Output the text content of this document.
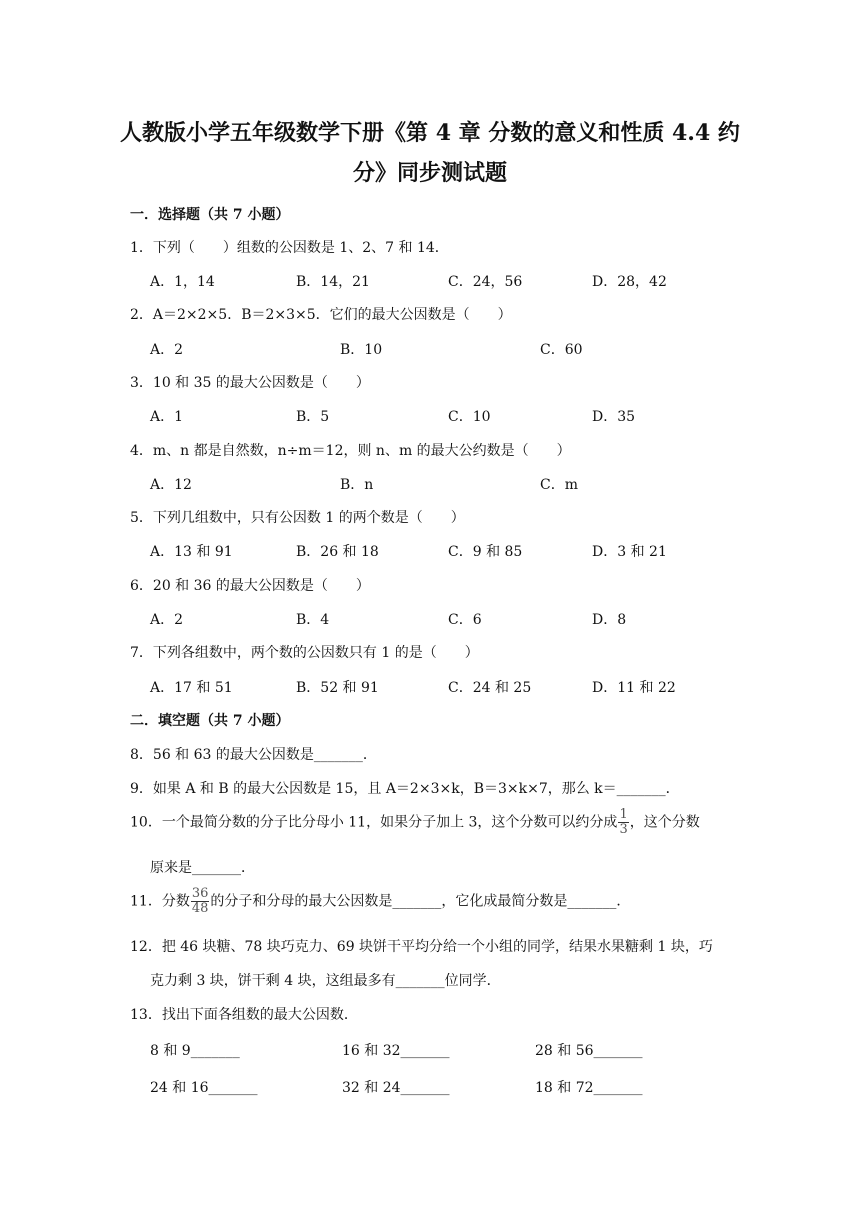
人教版小学五年级数学下册《第 4 章 分数的意义和性质 4.4 约
分》同步测试题
一．选择题（共 7 小题）
1．下列（　　）组数的公因数是 1、2、7 和 14．
A．1，14	B．14，21	C．24，56	D．28，42
2．A＝2×2×5．B＝2×3×5．它们的最大公因数是（　　）
A．2	B．10	C．60
3．10 和 35 的最大公因数是（　　）
A．1	B．5	C．10	D．35
4．m、n 都是自然数，n÷m＝12，则 n、m 的最大公约数是（　　）
A．12	B．n	C．m
5．下列几组数中，只有公因数 1 的两个数是（　　）
A．13 和 91	B．26 和 18	C．9 和 85	D．3 和 21
6．20 和 36 的最大公因数是（　　）
A．2	B．4	C．6	D．8
7．下列各组数中，两个数的公因数只有 1 的是（　　）
A．17 和 51	B．52 和 91	C．24 和 25	D．11 和 22
二．填空题（共 7 小题）
8．56 和 63 的最大公因数是_______．
9．如果 A 和 B 的最大公因数是 15，且 A＝2×3×k，B＝3×k×7，那么 k＝_______．
10．一个最简分数的分子比分母小 11，如果分子加上 3，这个分数可以约分成 $\frac{1}{3}$ ，这个分数
原来是_______．
11．分数 $\frac{36}{48}$ 的分子和分母的最大公因数是_______，它化成最简分数是_______．
12．把 46 块糖、78 块巧克力、69 块饼干平均分给一个小组的同学，结果水果糖剩 1 块，巧
克力剩 3 块，饼干剩 4 块，这组最多有_______位同学．
13．找出下面各组数的最大公因数．
8 和 9_______	16 和 32_______	28 和 56_______
24 和 16_______	32 和 24_______	18 和 72_______
